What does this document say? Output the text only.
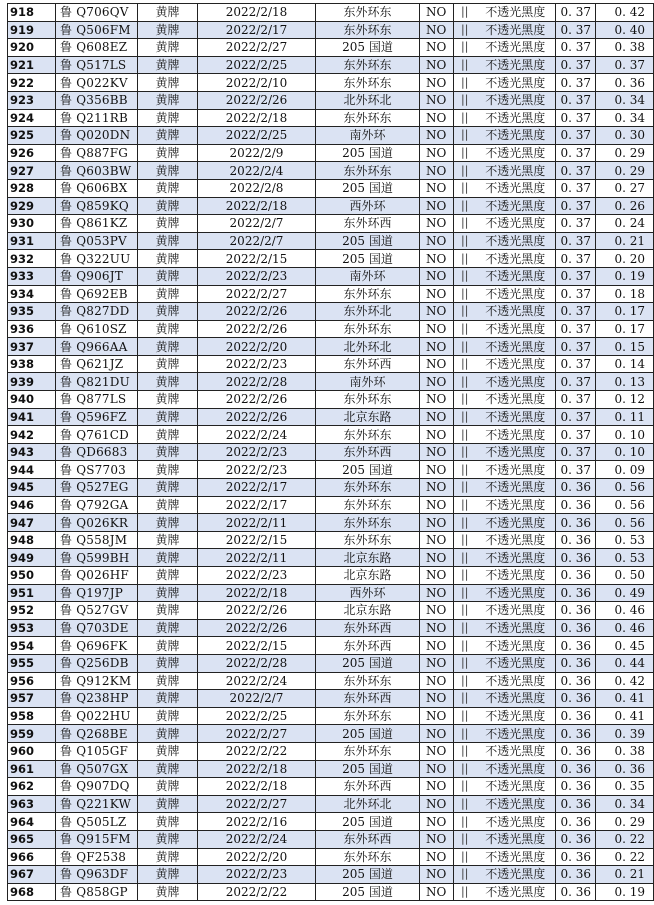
918	鲁 Q706QV	黄牌	2022/2/18	东外环东	NO	||	不透光黑度	0. 37	0. 42
919	鲁 Q506FM	黄牌	2022/2/17	东外环东	NO	||	不透光黑度	0. 37	0. 40
920	鲁 Q608EZ	黄牌	2022/2/27	205 国道	NO	||	不透光黑度	0. 37	0. 38
921	鲁 Q517LS	黄牌	2022/2/25	东外环东	NO	||	不透光黑度	0. 37	0. 37
922	鲁 Q022KV	黄牌	2022/2/10	东外环东	NO	||	不透光黑度	0. 37	0. 36
923	鲁 Q356BB	黄牌	2022/2/26	北外环北	NO	||	不透光黑度	0. 37	0. 34
924	鲁 Q211RB	黄牌	2022/2/18	东外环东	NO	||	不透光黑度	0. 37	0. 34
925	鲁 Q020DN	黄牌	2022/2/25	南外环	NO	||	不透光黑度	0. 37	0. 30
926	鲁 Q887FG	黄牌	2022/2/9	205 国道	NO	||	不透光黑度	0. 37	0. 29
927	鲁 Q603BW	黄牌	2022/2/4	东外环东	NO	||	不透光黑度	0. 37	0. 29
928	鲁 Q606BX	黄牌	2022/2/8	205 国道	NO	||	不透光黑度	0. 37	0. 27
929	鲁 Q859KQ	黄牌	2022/2/18	西外环	NO	||	不透光黑度	0. 37	0. 26
930	鲁 Q861KZ	黄牌	2022/2/7	东外环西	NO	||	不透光黑度	0. 37	0. 24
931	鲁 Q053PV	黄牌	2022/2/7	205 国道	NO	||	不透光黑度	0. 37	0. 21
932	鲁 Q322UU	黄牌	2022/2/15	205 国道	NO	||	不透光黑度	0. 37	0. 20
933	鲁 Q906JT	黄牌	2022/2/23	南外环	NO	||	不透光黑度	0. 37	0. 19
934	鲁 Q692EB	黄牌	2022/2/27	东外环东	NO	||	不透光黑度	0. 37	0. 18
935	鲁 Q827DD	黄牌	2022/2/26	东外环北	NO	||	不透光黑度	0. 37	0. 17
936	鲁 Q610SZ	黄牌	2022/2/26	东外环东	NO	||	不透光黑度	0. 37	0. 17
937	鲁 Q966AA	黄牌	2022/2/20	北外环北	NO	||	不透光黑度	0. 37	0. 15
938	鲁 Q621JZ	黄牌	2022/2/23	东外环西	NO	||	不透光黑度	0. 37	0. 14
939	鲁 Q821DU	黄牌	2022/2/28	南外环	NO	||	不透光黑度	0. 37	0. 13
940	鲁 Q877LS	黄牌	2022/2/26	东外环东	NO	||	不透光黑度	0. 37	0. 12
941	鲁 Q596FZ	黄牌	2022/2/26	北京东路	NO	||	不透光黑度	0. 37	0. 11
942	鲁 Q761CD	黄牌	2022/2/24	东外环东	NO	||	不透光黑度	0. 37	0. 10
943	鲁 QD6683	黄牌	2022/2/23	东外环西	NO	||	不透光黑度	0. 37	0. 10
944	鲁 QS7703	黄牌	2022/2/23	205 国道	NO	||	不透光黑度	0. 37	0. 09
945	鲁 Q527EG	黄牌	2022/2/17	东外环东	NO	||	不透光黑度	0. 36	0. 56
946	鲁 Q792GA	黄牌	2022/2/17	东外环东	NO	||	不透光黑度	0. 36	0. 56
947	鲁 Q026KR	黄牌	2022/2/11	东外环东	NO	||	不透光黑度	0. 36	0. 56
948	鲁 Q558JM	黄牌	2022/2/15	东外环东	NO	||	不透光黑度	0. 36	0. 53
949	鲁 Q599BH	黄牌	2022/2/11	北京东路	NO	||	不透光黑度	0. 36	0. 53
950	鲁 Q026HF	黄牌	2022/2/23	北京东路	NO	||	不透光黑度	0. 36	0. 50
951	鲁 Q197JP	黄牌	2022/2/18	西外环	NO	||	不透光黑度	0. 36	0. 49
952	鲁 Q527GV	黄牌	2022/2/26	北京东路	NO	||	不透光黑度	0. 36	0. 46
953	鲁 Q703DE	黄牌	2022/2/26	东外环西	NO	||	不透光黑度	0. 36	0. 46
954	鲁 Q696FK	黄牌	2022/2/15	东外环西	NO	||	不透光黑度	0. 36	0. 45
955	鲁 Q256DB	黄牌	2022/2/28	205 国道	NO	||	不透光黑度	0. 36	0. 44
956	鲁 Q912KM	黄牌	2022/2/24	东外环东	NO	||	不透光黑度	0. 36	0. 42
957	鲁 Q238HP	黄牌	2022/2/7	东外环西	NO	||	不透光黑度	0. 36	0. 41
958	鲁 Q022HU	黄牌	2022/2/25	东外环东	NO	||	不透光黑度	0. 36	0. 41
959	鲁 Q268BE	黄牌	2022/2/27	205 国道	NO	||	不透光黑度	0. 36	0. 39
960	鲁 Q105GF	黄牌	2022/2/22	东外环东	NO	||	不透光黑度	0. 36	0. 38
961	鲁 Q507GX	黄牌	2022/2/18	205 国道	NO	||	不透光黑度	0. 36	0. 36
962	鲁 Q907DQ	黄牌	2022/2/18	东外环西	NO	||	不透光黑度	0. 36	0. 35
963	鲁 Q221KW	黄牌	2022/2/27	北外环北	NO	||	不透光黑度	0. 36	0. 34
964	鲁 Q505LZ	黄牌	2022/2/16	205 国道	NO	||	不透光黑度	0. 36	0. 29
965	鲁 Q915FM	黄牌	2022/2/24	东外环西	NO	||	不透光黑度	0. 36	0. 22
966	鲁 QF2538	黄牌	2022/2/20	东外环东	NO	||	不透光黑度	0. 36	0. 22
967	鲁 Q963DF	黄牌	2022/2/23	205 国道	NO	||	不透光黑度	0. 36	0. 21
968	鲁 Q858GP	黄牌	2022/2/22	205 国道	NO	||	不透光黑度	0. 36	0. 19
